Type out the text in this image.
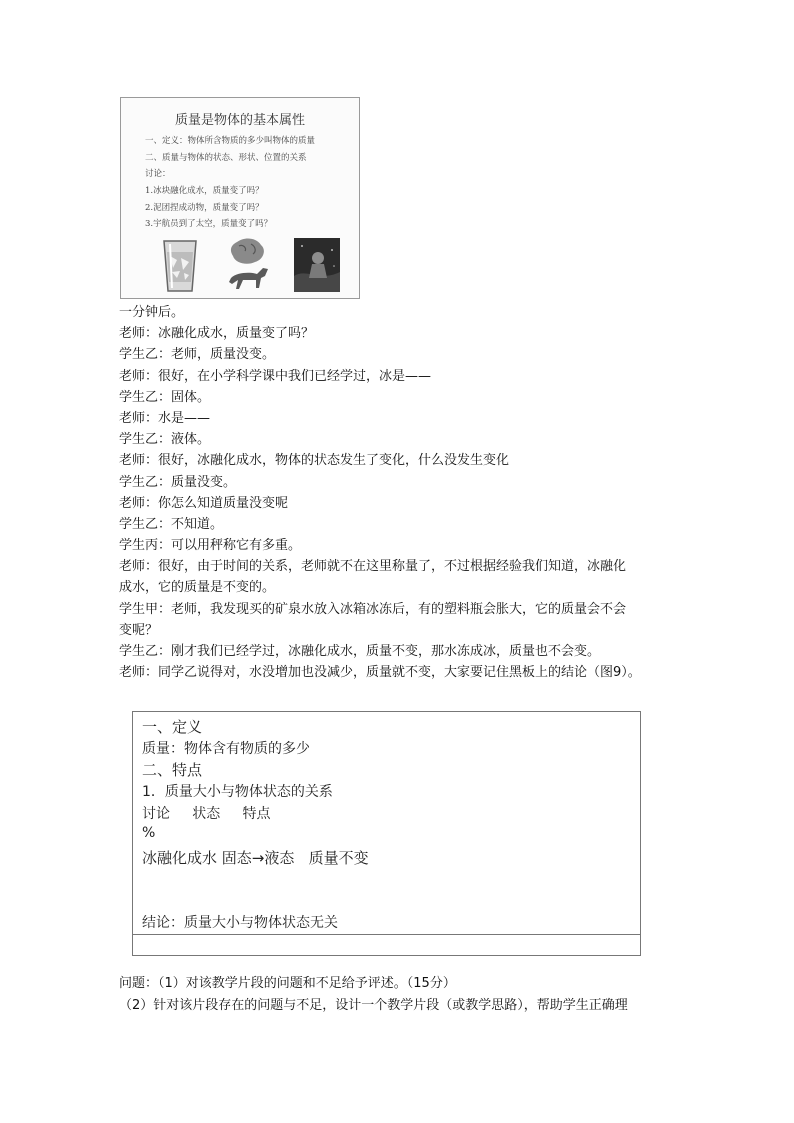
质量是物体的基本属性
一、定义：物体所含物质的多少叫物体的质量
二、质量与物体的状态、形状、位置的关系
讨论：
1.冰块融化成水，质量变了吗？
2.泥团捏成动物，质量变了吗？
3.宇航员到了太空，质量变了吗？
一分钟后。
老师：冰融化成水，质量变了吗？
学生乙：老师，质量没变。
老师：很好，在小学科学课中我们已经学过，冰是——
学生乙：固体。
老师：水是——
学生乙：液体。
老师：很好，冰融化成水，物体的状态发生了变化，什么没发生变化
学生乙：质量没变。
老师：你怎么知道质量没变呢
学生乙：不知道。
学生丙：可以用秤称它有多重。
老师：很好，由于时间的关系，老师就不在这里称量了，不过根据经验我们知道，冰融化
成水，它的质量是不变的。
学生甲：老师，我发现买的矿泉水放入冰箱冰冻后，有的塑料瓶会胀大，它的质量会不会
变呢？
学生乙：刚才我们已经学过，冰融化成水，质量不变，那水冻成冰，质量也不会变。
老师：同学乙说得对，水没增加也没减少，质量就不变，大家要记住黑板上的结论（图9）。
一、定义
质量：物体含有物质的多少
二、特点
1．质量大小与物体状态的关系
讨论     状态     特点
%
冰融化成水 固态→液态   质量不变
结论：质量大小与物体状态无关
问题：（1）对该教学片段的问题和不足给予评述。（15分）
（2）针对该片段存在的问题与不足，设计一个教学片段（或教学思路），帮助学生正确理
